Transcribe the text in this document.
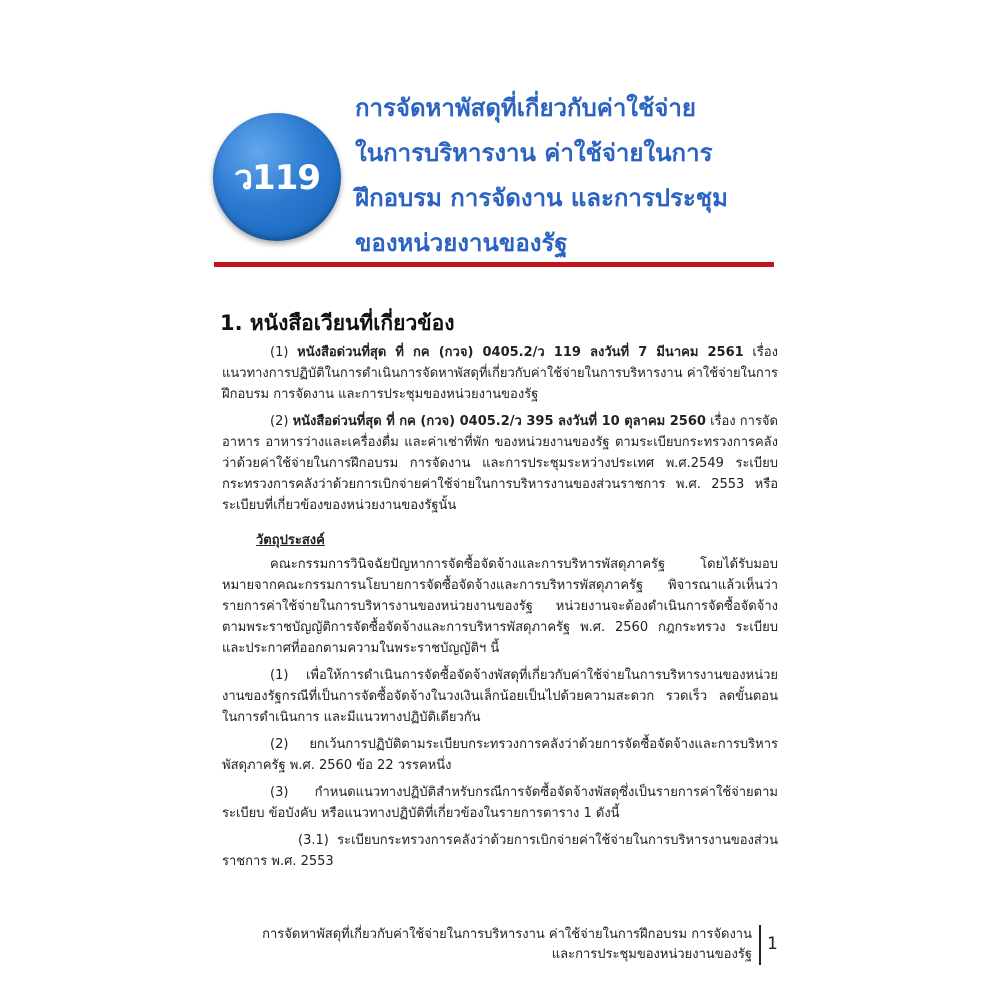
ว119
การจัดหาพัสดุที่เกี่ยวกับค่าใช้จ่าย
ในการบริหารงาน ค่าใช้จ่ายในการ
ฝึกอบรม การจัดงาน และการประชุม
ของหน่วยงานของรัฐ
1. หนังสือเวียนที่เกี่ยวข้อง

(1) หนังสือด่วนที่สุด ที่ กค (กวจ) 0405.2/ว 119 ลงวันที่ 7 มีนาคม 2561 เรื่อง แนวทางการปฏิบัติในการดำเนินการจัดหาพัสดุที่เกี่ยวกับค่าใช้จ่ายในการบริหารงาน ค่าใช้จ่ายในการฝึกอบรม การจัดงาน และการประชุมของหน่วยงานของรัฐ

(2) หนังสือด่วนที่สุด ที่ กค (กวจ) 0405.2/ว 395 ลงวันที่ 10 ตุลาคม 2560 เรื่อง การจัดอาหาร อาหารว่างและเครื่องดื่ม และค่าเช่าที่พัก ของหน่วยงานของรัฐ ตามระเบียบกระทรวงการคลังว่าด้วยค่าใช้จ่ายในการฝึกอบรม การจัดงาน และการประชุมระหว่างประเทศ พ.ศ.2549 ระเบียบกระทรวงการคลังว่าด้วยการเบิกจ่ายค่าใช้จ่ายในการบริหารงานของส่วนราชการ พ.ศ. 2553 หรือระเบียบที่เกี่ยวข้องของหน่วยงานของรัฐนั้น

วัตถุประสงค์

คณะกรรมการวินิจฉัยปัญหาการจัดซื้อจัดจ้างและการบริหารพัสดุภาครัฐ โดยได้รับมอบหมายจากคณะกรรมการนโยบายการจัดซื้อจัดจ้างและการบริหารพัสดุภาครัฐ พิจารณาแล้วเห็นว่า รายการค่าใช้จ่ายในการบริหารงานของหน่วยงานของรัฐ หน่วยงานจะต้องดำเนินการจัดซื้อจัดจ้างตามพระราชบัญญัติการจัดซื้อจัดจ้างและการบริหารพัสดุภาครัฐ พ.ศ. 2560 กฎกระทรวง ระเบียบ และประกาศที่ออกตามความในพระราชบัญญัติฯ นี้

(1) เพื่อให้การดำเนินการจัดซื้อจัดจ้างพัสดุที่เกี่ยวกับค่าใช้จ่ายในการบริหารงานของหน่วยงานของรัฐกรณีที่เป็นการจัดซื้อจัดจ้างในวงเงินเล็กน้อยเป็นไปด้วยความสะดวก รวดเร็ว ลดขั้นตอนในการดำเนินการ และมีแนวทางปฏิบัติเดียวกัน

(2) ยกเว้นการปฏิบัติตามระเบียบกระทรวงการคลังว่าด้วยการจัดซื้อจัดจ้างและการบริหารพัสดุภาครัฐ พ.ศ. 2560 ข้อ 22 วรรคหนึ่ง

(3) กำหนดแนวทางปฏิบัติสำหรับกรณีการจัดซื้อจัดจ้างพัสดุซึ่งเป็นรายการค่าใช้จ่ายตามระเบียบ ข้อบังคับ หรือแนวทางปฏิบัติที่เกี่ยวข้องในรายการตาราง 1 ดังนี้

(3.1) ระเบียบกระทรวงการคลังว่าด้วยการเบิกจ่ายค่าใช้จ่ายในการบริหารงานของส่วนราชการ พ.ศ. 2553

การจัดหาพัสดุที่เกี่ยวกับค่าใช้จ่ายในการบริหารงาน ค่าใช้จ่ายในการฝึกอบรม การจัดงาน
และการประชุมของหน่วยงานของรัฐ
1
